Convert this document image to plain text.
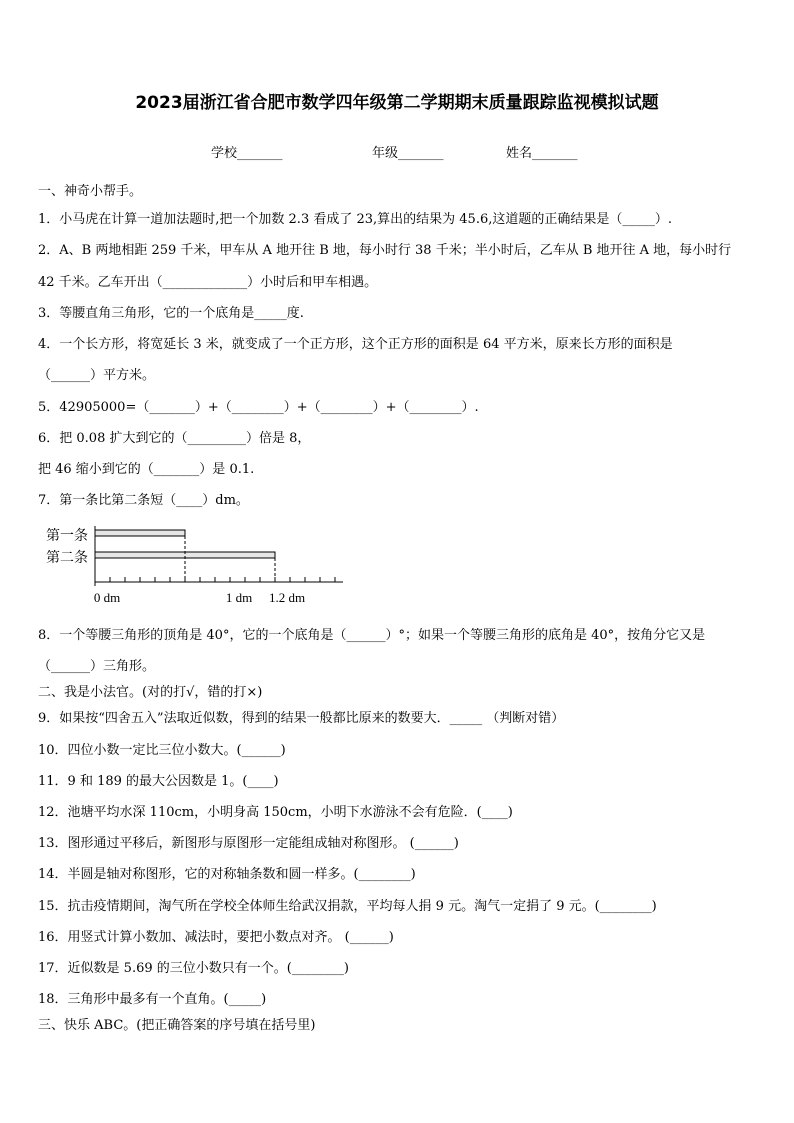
2023届浙江省合肥市数学四年级第二学期期末质量跟踪监视模拟试题
学校_______	年级_______	姓名_______
一、神奇小帮手。
1．小马虎在计算一道加法题时,把一个加数 2.3 看成了 23,算出的结果为 45.6,这道题的正确结果是（_____）.
2．A、B 两地相距 259 千米，甲车从 A 地开往 B 地，每小时行 38 千米；半小时后，乙车从 B 地开往 A 地，每小时行
42 千米。乙车开出（_____________）小时后和甲车相遇。
3．等腰直角三角形，它的一个底角是_____度.
4．一个长方形，将宽延长 3 米，就变成了一个正方形，这个正方形的面积是 64 平方米，原来长方形的面积是
（______）平方米。
5．42905000=（_______）+（________）+（________）+（________）.
6．把 0.08 扩大到它的（_________）倍是 8，
把 46 缩小到它的（_______）是 0.1.
7．第一条比第二条短（____）dm。
第一条
第二条
0 dm	1 dm 1.2 dm
8．一个等腰三角形的顶角是 40°，它的一个底角是（______）°；如果一个等腰三角形的底角是 40°，按角分它又是
（______）三角形。
二、我是小法官。(对的打√，错的打×)
9．如果按“四舍五入”法取近似数，得到的结果一般都比原来的数要大．_____ （判断对错）
10．四位小数一定比三位小数大。(______)
11．9 和 189 的最大公因数是 1。(____)
12．池塘平均水深 110cm，小明身高 150cm，小明下水游泳不会有危险．(____)
13．图形通过平移后，新图形与原图形一定能组成轴对称图形。 (______)
14．半圆是轴对称图形，它的对称轴条数和圆一样多。(________)
15．抗击疫情期间，淘气所在学校全体师生给武汉捐款，平均每人捐 9 元。淘气一定捐了 9 元。(________)
16．用竖式计算小数加、减法时，要把小数点对齐。 (______)
17．近似数是 5.69 的三位小数只有一个。(________)
18．三角形中最多有一个直角。(_____)
三、快乐 ABC。(把正确答案的序号填在括号里)
